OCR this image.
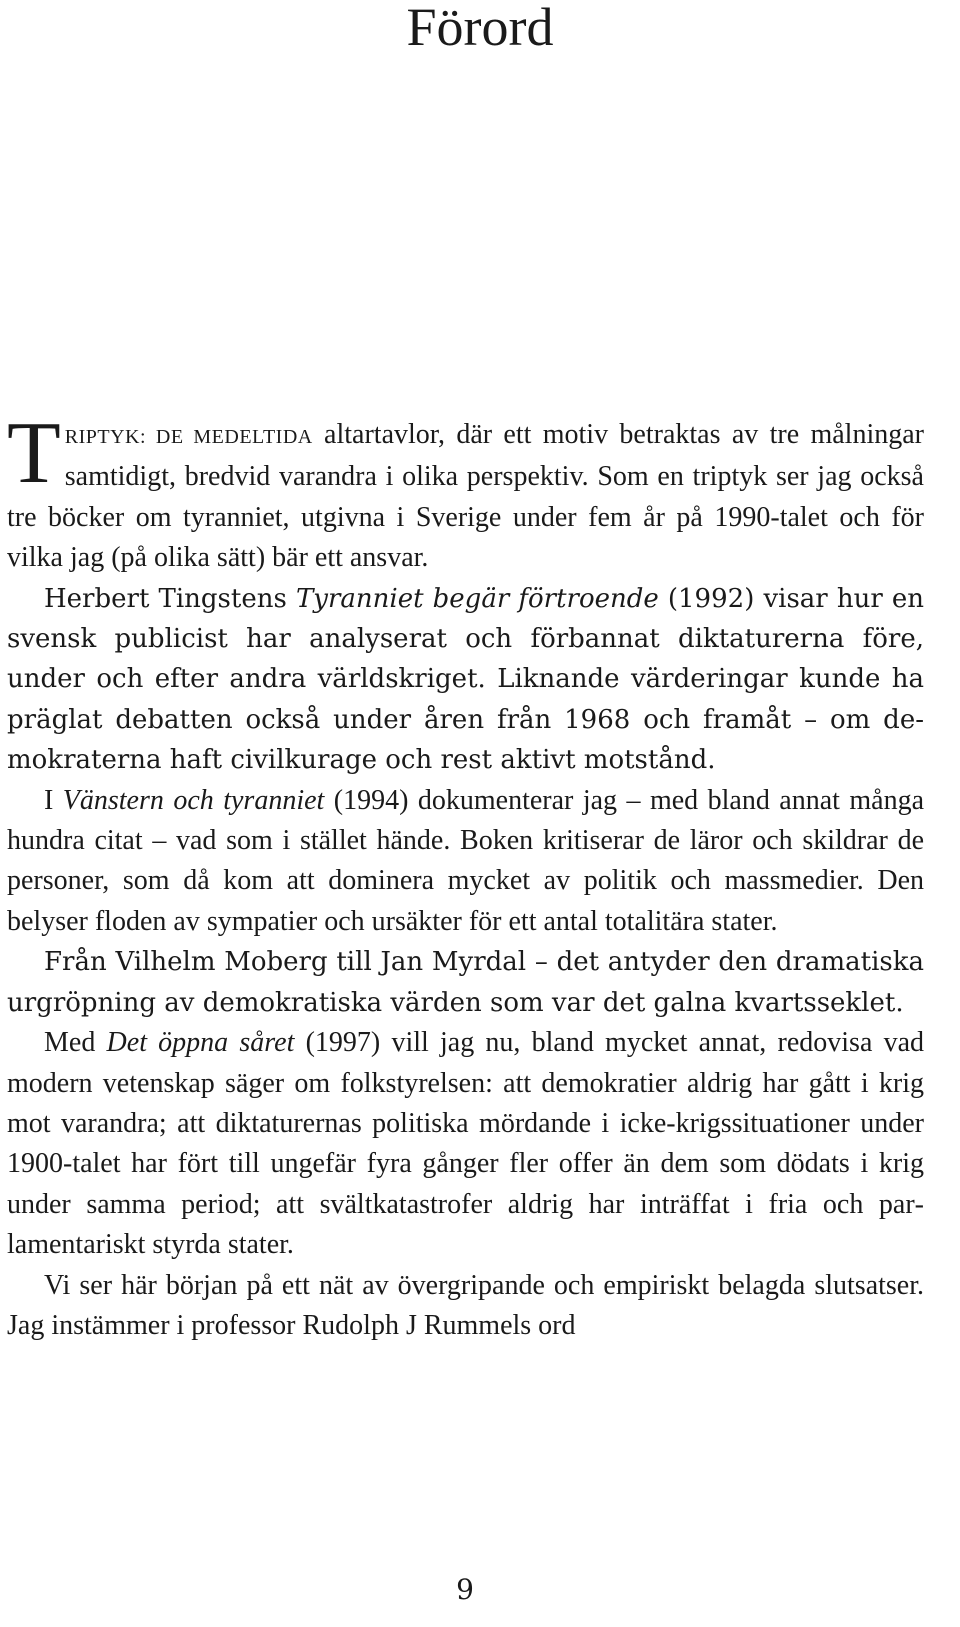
Förord

TRIPTYK: DE MEDELTIDA altartavlor, där ett motiv betraktas av tre målningar samtidigt, bredvid varandra i olika perspektiv. Som en triptyk ser jag också tre böcker om tyranniet, utgivna i Sverige under fem år på 1990-talet och för vilka jag (på olika sätt) bär ett ansvar.

Herbert Tingstens Tyranniet begär förtroende (1992) visar hur en svensk publicist har analyserat och förbannat diktaturerna före, under och efter andra världskriget. Liknande värderingar kunde ha präglat debatten också under åren från 1968 och framåt – om demokraterna haft civilkurage och rest aktivt motstånd.

I Vänstern och tyranniet (1994) dokumenterar jag – med bland annat många hundra citat – vad som i stället hände. Boken kritiserar de läror och skildrar de personer, som då kom att dominera mycket av politik och massmedier. Den belyser floden av sympatier och ursäkter för ett antal totalitära stater.

Från Vilhelm Moberg till Jan Myrdal – det antyder den dramatiska urgröpning av demokratiska värden som var det galna kvartsseklet.

Med Det öppna såret (1997) vill jag nu, bland mycket annat, redovisa vad modern vetenskap säger om folkstyrelsen: att demokratier aldrig har gått i krig mot varandra; att diktaturernas politiska mördande i icke-krigssituationer under 1900-talet har fört till ungefär fyra gånger fler offer än dem som dödats i krig under samma period; att svältkatastrofer aldrig har inträffat i fria och parlamentariskt styrda stater.

Vi ser här början på ett nät av övergripande och empiriskt belagda slutsatser. Jag instämmer i professor Rudolph J Rummels ord

9
